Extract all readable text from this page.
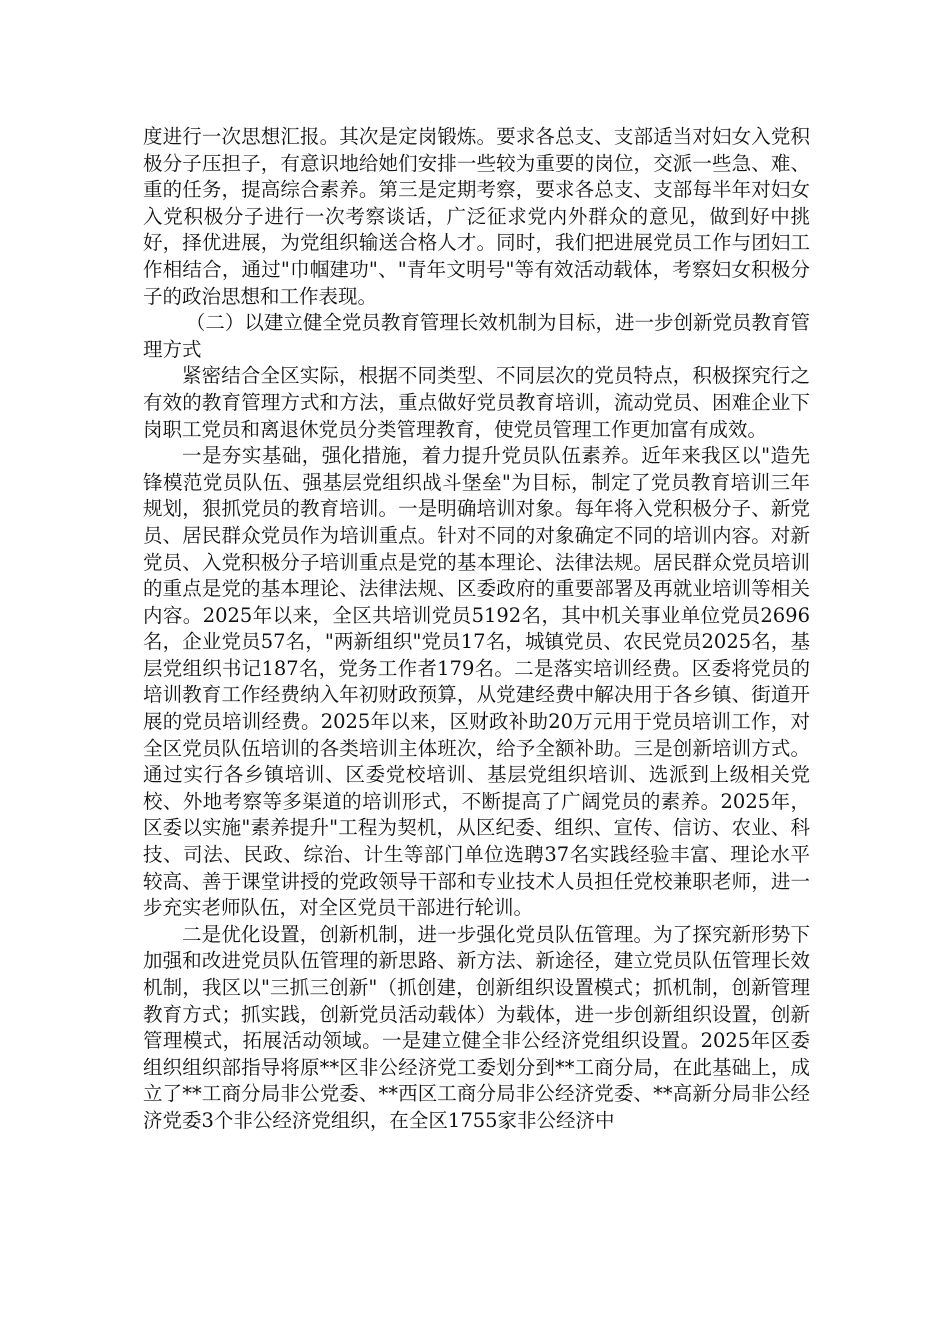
度进行一次思想汇报。其次是定岗锻炼。要求各总支、支部适当对妇女入党积极分子压担子，有意识地给她们安排一些较为重要的岗位，交派一些急、难、重的任务，提高综合素养。第三是定期考察，要求各总支、支部每半年对妇女入党积极分子进行一次考察谈话，广泛征求党内外群众的意见，做到好中挑好，择优进展，为党组织输送合格人才。同时，我们把进展党员工作与团妇工作相结合，通过"巾帼建功"、"青年文明号"等有效活动载体，考察妇女积极分子的政治思想和工作表现。

（二）以建立健全党员教育管理长效机制为目标，进一步创新党员教育管理方式

紧密结合全区实际，根据不同类型、不同层次的党员特点，积极探究行之有效的教育管理方式和方法，重点做好党员教育培训，流动党员、困难企业下岗职工党员和离退休党员分类管理教育，使党员管理工作更加富有成效。

一是夯实基础，强化措施，着力提升党员队伍素养。近年来我区以"造先锋模范党员队伍、强基层党组织战斗堡垒"为目标，制定了党员教育培训三年规划，狠抓党员的教育培训。一是明确培训对象。每年将入党积极分子、新党员、居民群众党员作为培训重点。针对不同的对象确定不同的培训内容。对新党员、入党积极分子培训重点是党的基本理论、法律法规。居民群众党员培训的重点是党的基本理论、法律法规、区委政府的重要部署及再就业培训等相关内容。2025年以来，全区共培训党员5192名，其中机关事业单位党员2696名，企业党员57名，"两新组织"党员17名，城镇党员、农民党员2025名，基层党组织书记187名，党务工作者179名。二是落实培训经费。区委将党员的培训教育工作经费纳入年初财政预算，从党建经费中解决用于各乡镇、街道开展的党员培训经费。2025年以来，区财政补助20万元用于党员培训工作，对全区党员队伍培训的各类培训主体班次，给予全额补助。三是创新培训方式。通过实行各乡镇培训、区委党校培训、基层党组织培训、选派到上级相关党校、外地考察等多渠道的培训形式，不断提高了广阔党员的素养。2025年，区委以实施"素养提升"工程为契机，从区纪委、组织、宣传、信访、农业、科技、司法、民政、综治、计生等部门单位选聘37名实践经验丰富、理论水平较高、善于课堂讲授的党政领导干部和专业技术人员担任党校兼职老师，进一步充实老师队伍，对全区党员干部进行轮训。

二是优化设置，创新机制，进一步强化党员队伍管理。为了探究新形势下加强和改进党员队伍管理的新思路、新方法、新途径，建立党员队伍管理长效机制，我区以"三抓三创新"（抓创建，创新组织设置模式；抓机制，创新管理教育方式；抓实践，创新党员活动载体）为载体，进一步创新组织设置，创新管理模式，拓展活动领域。一是建立健全非公经济党组织设置。2025年区委组织组织部指导将原**区非公经济党工委划分到**工商分局，在此基础上，成立了**工商分局非公党委、**西区工商分局非公经济党委、**高新分局非公经济党委3个非公经济党组织，在全区1755家非公经济中
